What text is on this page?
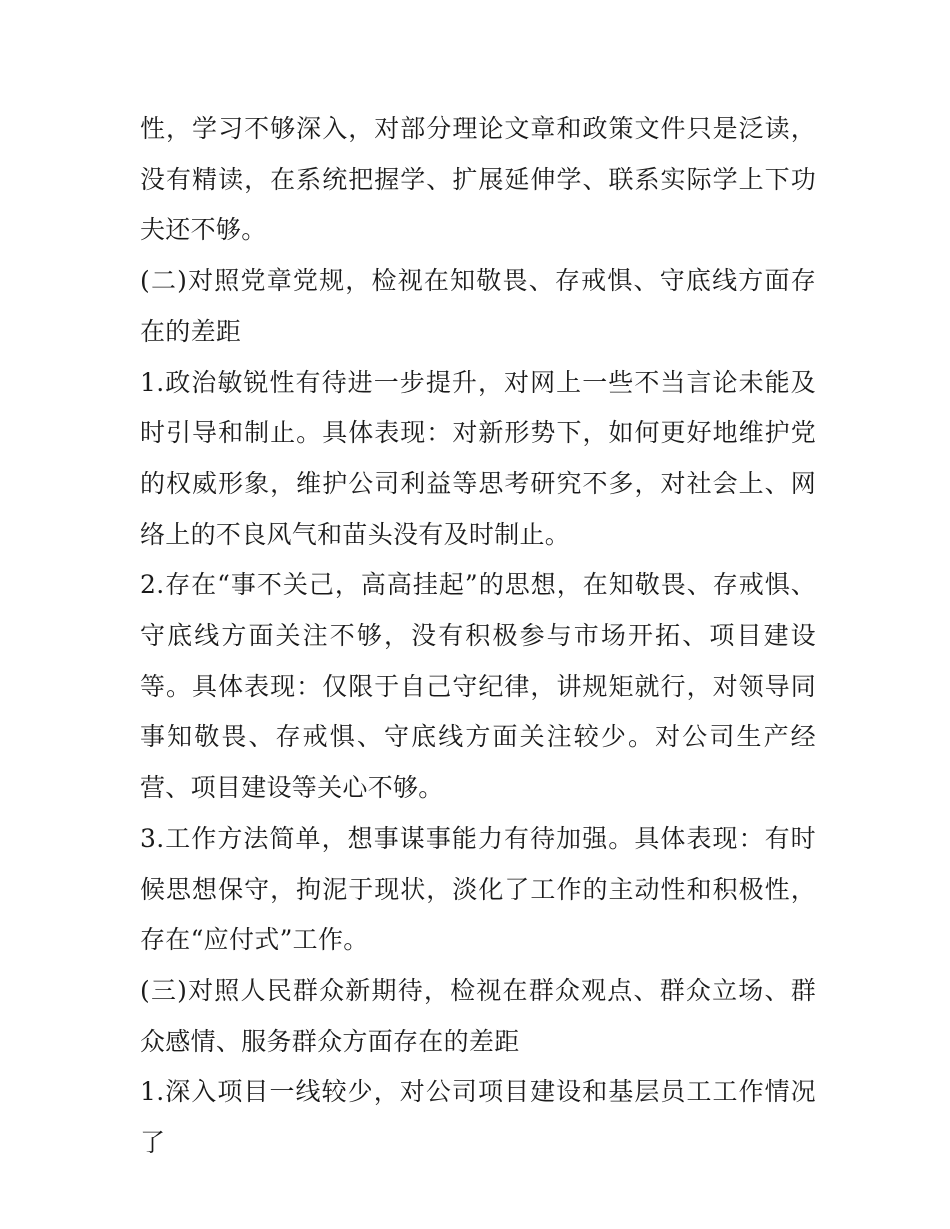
性，学习不够深入，对部分理论文章和政策文件只是泛读，没有精读，在系统把握学、扩展延伸学、联系实际学上下功夫还不够。

(二)对照党章党规，检视在知敬畏、存戒惧、守底线方面存在的差距

1.政治敏锐性有待进一步提升，对网上一些不当言论未能及时引导和制止。具体表现：对新形势下，如何更好地维护党的权威形象，维护公司利益等思考研究不多，对社会上、网络上的不良风气和苗头没有及时制止。

2.存在“事不关己，高高挂起”的思想，在知敬畏、存戒惧、守底线方面关注不够，没有积极参与市场开拓、项目建设等。具体表现：仅限于自己守纪律，讲规矩就行，对领导同事知敬畏、存戒惧、守底线方面关注较少。对公司生产经营、项目建设等关心不够。

3.工作方法简单，想事谋事能力有待加强。具体表现：有时候思想保守，拘泥于现状，淡化了工作的主动性和积极性，存在“应付式”工作。

(三)对照人民群众新期待，检视在群众观点、群众立场、群众感情、服务群众方面存在的差距

1.深入项目一线较少，对公司项目建设和基层员工工作情况了
